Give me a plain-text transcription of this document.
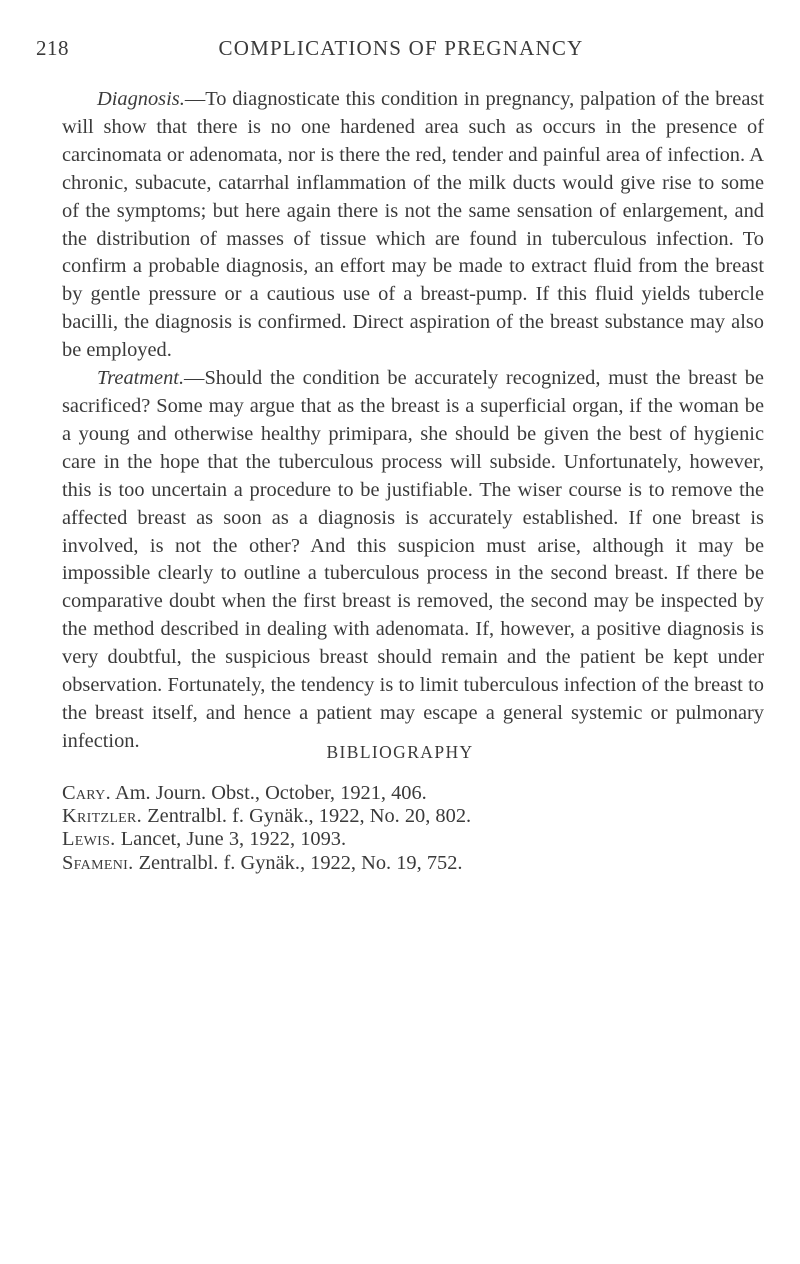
218	COMPLICATIONS OF PREGNANCY

Diagnosis.—To diagnosticate this condition in pregnancy, palpation of the breast will show that there is no one hardened area such as occurs in the presence of carcinomata or adenomata, nor is there the red, tender and painful area of infection. A chronic, subacute, catarrhal inflammation of the milk ducts would give rise to some of the symptoms; but here again there is not the same sensation of enlargement, and the distribution of masses of tissue which are found in tuberculous infection. To confirm a probable diagnosis, an effort may be made to extract fluid from the breast by gentle pressure or a cautious use of a breast-pump. If this fluid yields tubercle bacilli, the diagnosis is confirmed. Direct aspiration of the breast substance may also be employed.

Treatment.—Should the condition be accurately recognized, must the breast be sacrificed? Some may argue that as the breast is a superficial organ, if the woman be a young and otherwise healthy primipara, she should be given the best of hygienic care in the hope that the tuberculous process will subside. Unfortunately, however, this is too uncertain a procedure to be justifiable. The wiser course is to remove the affected breast as soon as a diagnosis is accurately established. If one breast is involved, is not the other? And this suspicion must arise, although it may be impossible clearly to outline a tuberculous process in the second breast. If there be comparative doubt when the first breast is removed, the second may be inspected by the method described in dealing with adenomata. If, however, a positive diagnosis is very doubtful, the suspicious breast should remain and the patient be kept under observation. Fortunately, the tendency is to limit tuberculous infection of the breast to the breast itself, and hence a patient may escape a general systemic or pulmonary infection.

BIBLIOGRAPHY
Cary. Am. Journ. Obst., October, 1921, 406.
Kritzler. Zentralbl. f. Gynäk., 1922, No. 20, 802.
Lewis. Lancet, June 3, 1922, 1093.
Sfameni. Zentralbl. f. Gynäk., 1922, No. 19, 752.
